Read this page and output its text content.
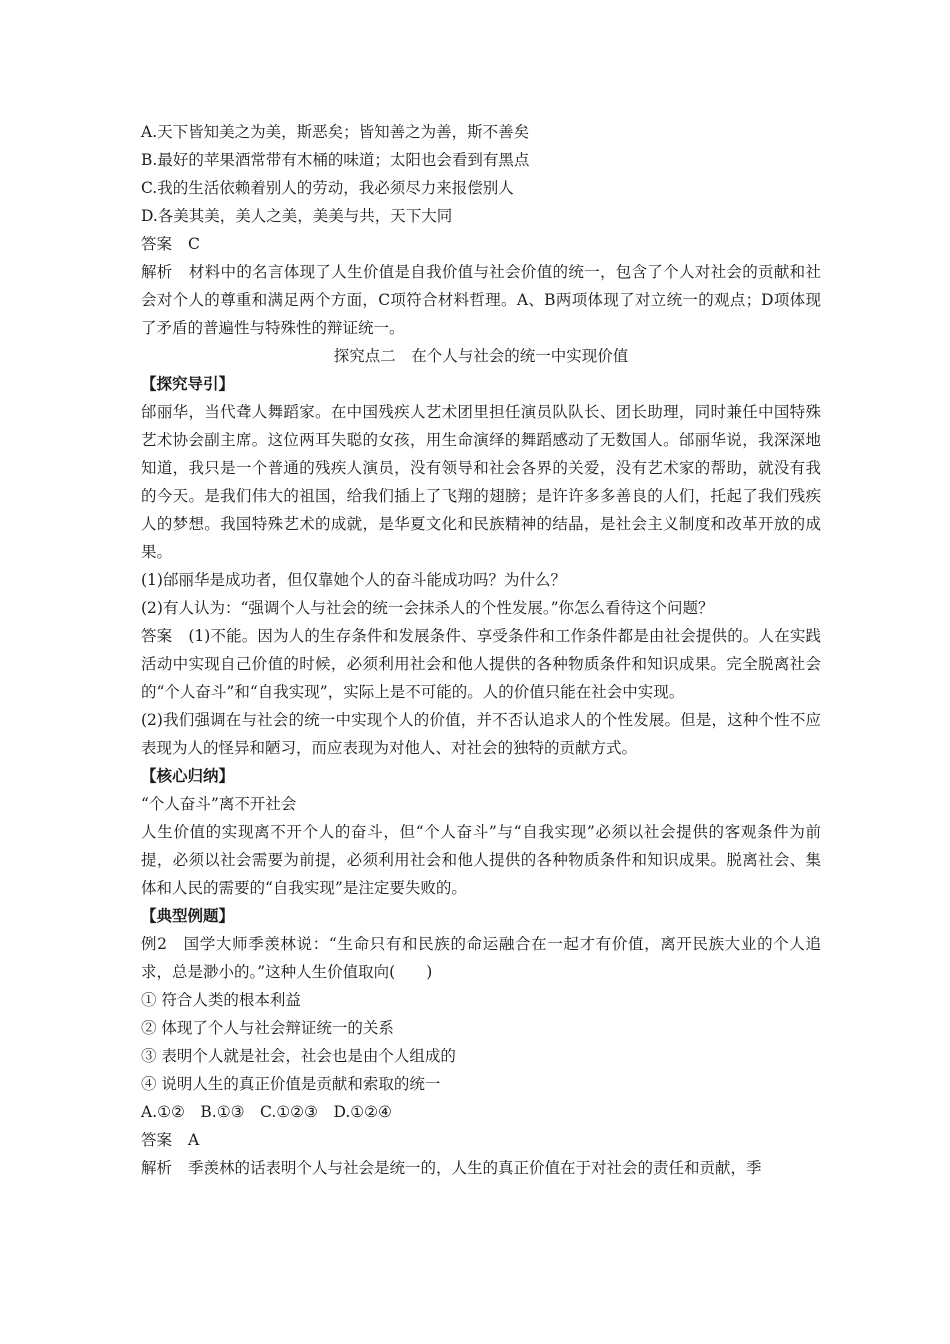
A.天下皆知美之为美，斯恶矣；皆知善之为善，斯不善矣
B.最好的苹果酒常带有木桶的味道；太阳也会看到有黑点
C.我的生活依赖着别人的劳动，我必须尽力来报偿别人
D.各美其美，美人之美，美美与共，天下大同
答案 C
解析 材料中的名言体现了人生价值是自我价值与社会价值的统一，包含了个人对社会的贡献和社会对个人的尊重和满足两个方面，C项符合材料哲理。A、B两项体现了对立统一的观点；D项体现了矛盾的普遍性与特殊性的辩证统一。
探究点二　在个人与社会的统一中实现价值
【探究导引】
邰丽华，当代聋人舞蹈家。在中国残疾人艺术团里担任演员队队长、团长助理，同时兼任中国特殊艺术协会副主席。这位两耳失聪的女孩，用生命演绎的舞蹈感动了无数国人。邰丽华说，我深深地知道，我只是一个普通的残疾人演员，没有领导和社会各界的关爱，没有艺术家的帮助，就没有我的今天。是我们伟大的祖国，给我们插上了飞翔的翅膀；是许许多多善良的人们，托起了我们残疾人的梦想。我国特殊艺术的成就，是华夏文化和民族精神的结晶，是社会主义制度和改革开放的成果。
(1)邰丽华是成功者，但仅靠她个人的奋斗能成功吗？为什么？
(2)有人认为：“强调个人与社会的统一会抹杀人的个性发展。”你怎么看待这个问题？
答案 (1)不能。因为人的生存条件和发展条件、享受条件和工作条件都是由社会提供的。人在实践活动中实现自己价值的时候，必须利用社会和他人提供的各种物质条件和知识成果。完全脱离社会的“个人奋斗”和“自我实现”，实际上是不可能的。人的价值只能在社会中实现。
(2)我们强调在与社会的统一中实现个人的价值，并不否认追求人的个性发展。但是，这种个性不应表现为人的怪异和陋习，而应表现为对他人、对社会的独特的贡献方式。
【核心归纳】
“个人奋斗”离不开社会
人生价值的实现离不开个人的奋斗，但“个人奋斗”与“自我实现”必须以社会提供的客观条件为前提，必须以社会需要为前提，必须利用社会和他人提供的各种物质条件和知识成果。脱离社会、集体和人民的需要的“自我实现”是注定要失败的。
【典型例题】
例2 国学大师季羡林说：“生命只有和民族的命运融合在一起才有价值，离开民族大业的个人追求，总是渺小的。”这种人生价值取向(　　)
① 符合人类的根本利益
② 体现了个人与社会辩证统一的关系
③ 表明个人就是社会，社会也是由个人组成的
④ 说明人生的真正价值是贡献和索取的统一
A.①②　B.①③　C.①②③　D.①②④
答案 A
解析 季羡林的话表明个人与社会是统一的，人生的真正价值在于对社会的责任和贡献，季
